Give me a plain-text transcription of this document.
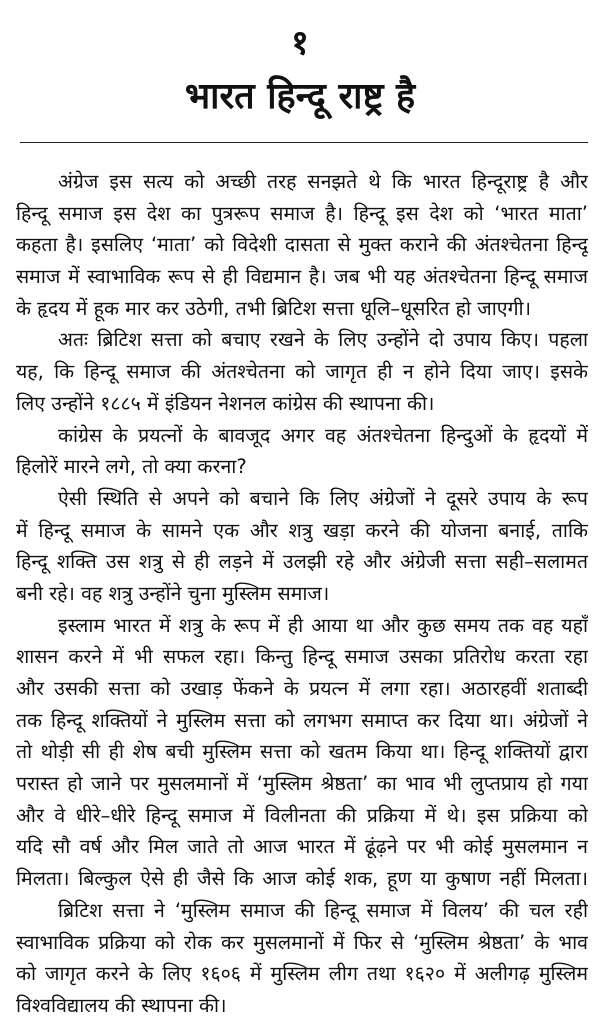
१
भारत हिन्दू राष्ट्र है
अंग्रेज इस सत्य को अच्छी तरह सनझते थे कि भारत हिन्दूराष्ट्र है और
हिन्दू समाज इस देश का पुत्ररूप समाज है। हिन्दू इस देश को ‘भारत माता’
कहता है। इसलिए ‘माता’ को विदेशी दासता से मुक्त कराने की अंतश्चेतना हिन्दू
समाज में स्वाभाविक रूप से ही विद्यमान है। जब भी यह अंतश्चेतना हिन्दू समाज
के हृदय में हूक मार कर उठेगी, तभी ब्रिटिश सत्ता धूलि–धूसरित हो जाएगी।
अतः ब्रिटिश सत्ता को बचाए रखने के लिए उन्होंने दो उपाय किए। पहला
यह, कि हिन्दू समाज की अंतश्चेतना को जागृत ही न होने दिया जाए। इसके
लिए उन्होंने १८८५ में इंडियन नेशनल कांग्रेस की स्थापना की।
कांग्रेस के प्रयत्नों के बावजूद अगर वह अंतश्चेतना हिन्दुओं के हृदयों में
हिलोरें मारने लगे, तो क्या करना?
ऐसी स्थिति से अपने को बचाने कि लिए अंग्रेजों ने दूसरे उपाय के रूप
में हिन्दू समाज के सामने एक और शत्रु खड़ा करने की योजना बनाई, ताकि
हिन्दू शक्ति उस शत्रु से ही लड़ने में उलझी रहे और अंग्रेजी सत्ता सही–सलामत
बनी रहे। वह शत्रु उन्होंने चुना मुस्लिम समाज।
इस्लाम भारत में शत्रु के रूप में ही आया था और कुछ समय तक वह यहाँ
शासन करने में भी सफल रहा। किन्तु हिन्दू समाज उसका प्रतिरोध करता रहा
और उसकी सत्ता को उखाड़ फेंकने के प्रयत्न में लगा रहा। अठारहवीं शताब्दी
तक हिन्दू शक्तियों ने मुस्लिम सत्ता को लगभग समाप्त कर दिया था। अंग्रेजों ने
तो थोड़ी सी ही शेष बची मुस्लिम सत्ता को खतम किया था। हिन्दू शक्तियों द्वारा
परास्त हो जाने पर मुसलमानों में ‘मुस्लिम श्रेष्ठता’ का भाव भी लुप्तप्राय हो गया
और वे धीरे–धीरे हिन्दू समाज में विलीनता की प्रक्रिया में थे। इस प्रक्रिया को
यदि सौ वर्ष और मिल जाते तो आज भारत में ढूंढ़ने पर भी कोई मुसलमान न
मिलता। बिल्कुल ऐसे ही जैसे कि आज कोई शक, हूण या कुषाण नहीं मिलता।
ब्रिटिश सत्ता ने ‘मुस्लिम समाज की हिन्दू समाज में विलय’ की चल रही
स्वाभाविक प्रक्रिया को रोक कर मुसलमानों में फिर से ‘मुस्लिम श्रेष्ठता’ के भाव
को जागृत करने के लिए १६०६ में मुस्लिम लीग तथा १६२० में अलीगढ़ मुस्लिम
विश्वविद्यालय की स्थापना की।
